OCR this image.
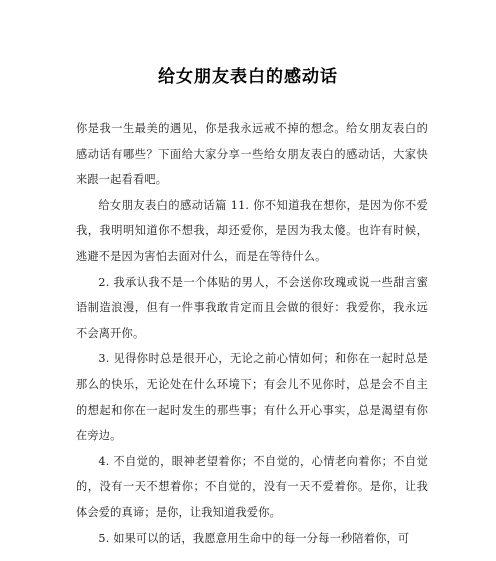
给女朋友表白的感动话

你是我一生最美的遇见，你是我永远戒不掉的想念。给女朋友表白的感动话有哪些？下面给大家分享一些给女朋友表白的感动话，大家快来跟一起看看吧。

给女朋友表白的感动话篇 11. 你不知道我在想你，是因为你不爱我，我明明知道你不想我，却还爱你，是因为我太傻。也许有时候，逃避不是因为害怕去面对什么，而是在等待什么。

2. 我承认我不是一个体贴的男人，不会送你玫瑰或说一些甜言蜜语制造浪漫，但有一件事我敢肯定而且会做的很好：我爱你，我永远不会离开你。

3. 见得你时总是很开心，无论之前心情如何；和你在一起时总是那么的快乐，无论处在什么环境下；有会儿不见你时，总是会不自主的想起和你在一起时发生的那些事；有什么开心事实，总是渴望有你在旁边。

4. 不自觉的，眼神老望着你；不自觉的，心情老向着你；不自觉的，没有一天不想着你；不自觉的，没有一天不爱着你。是你，让我体会爱的真谛；是你，让我知道我爱你。

5. 如果可以的话，我愿意用生命中的每一分每一秒陪着你，可
